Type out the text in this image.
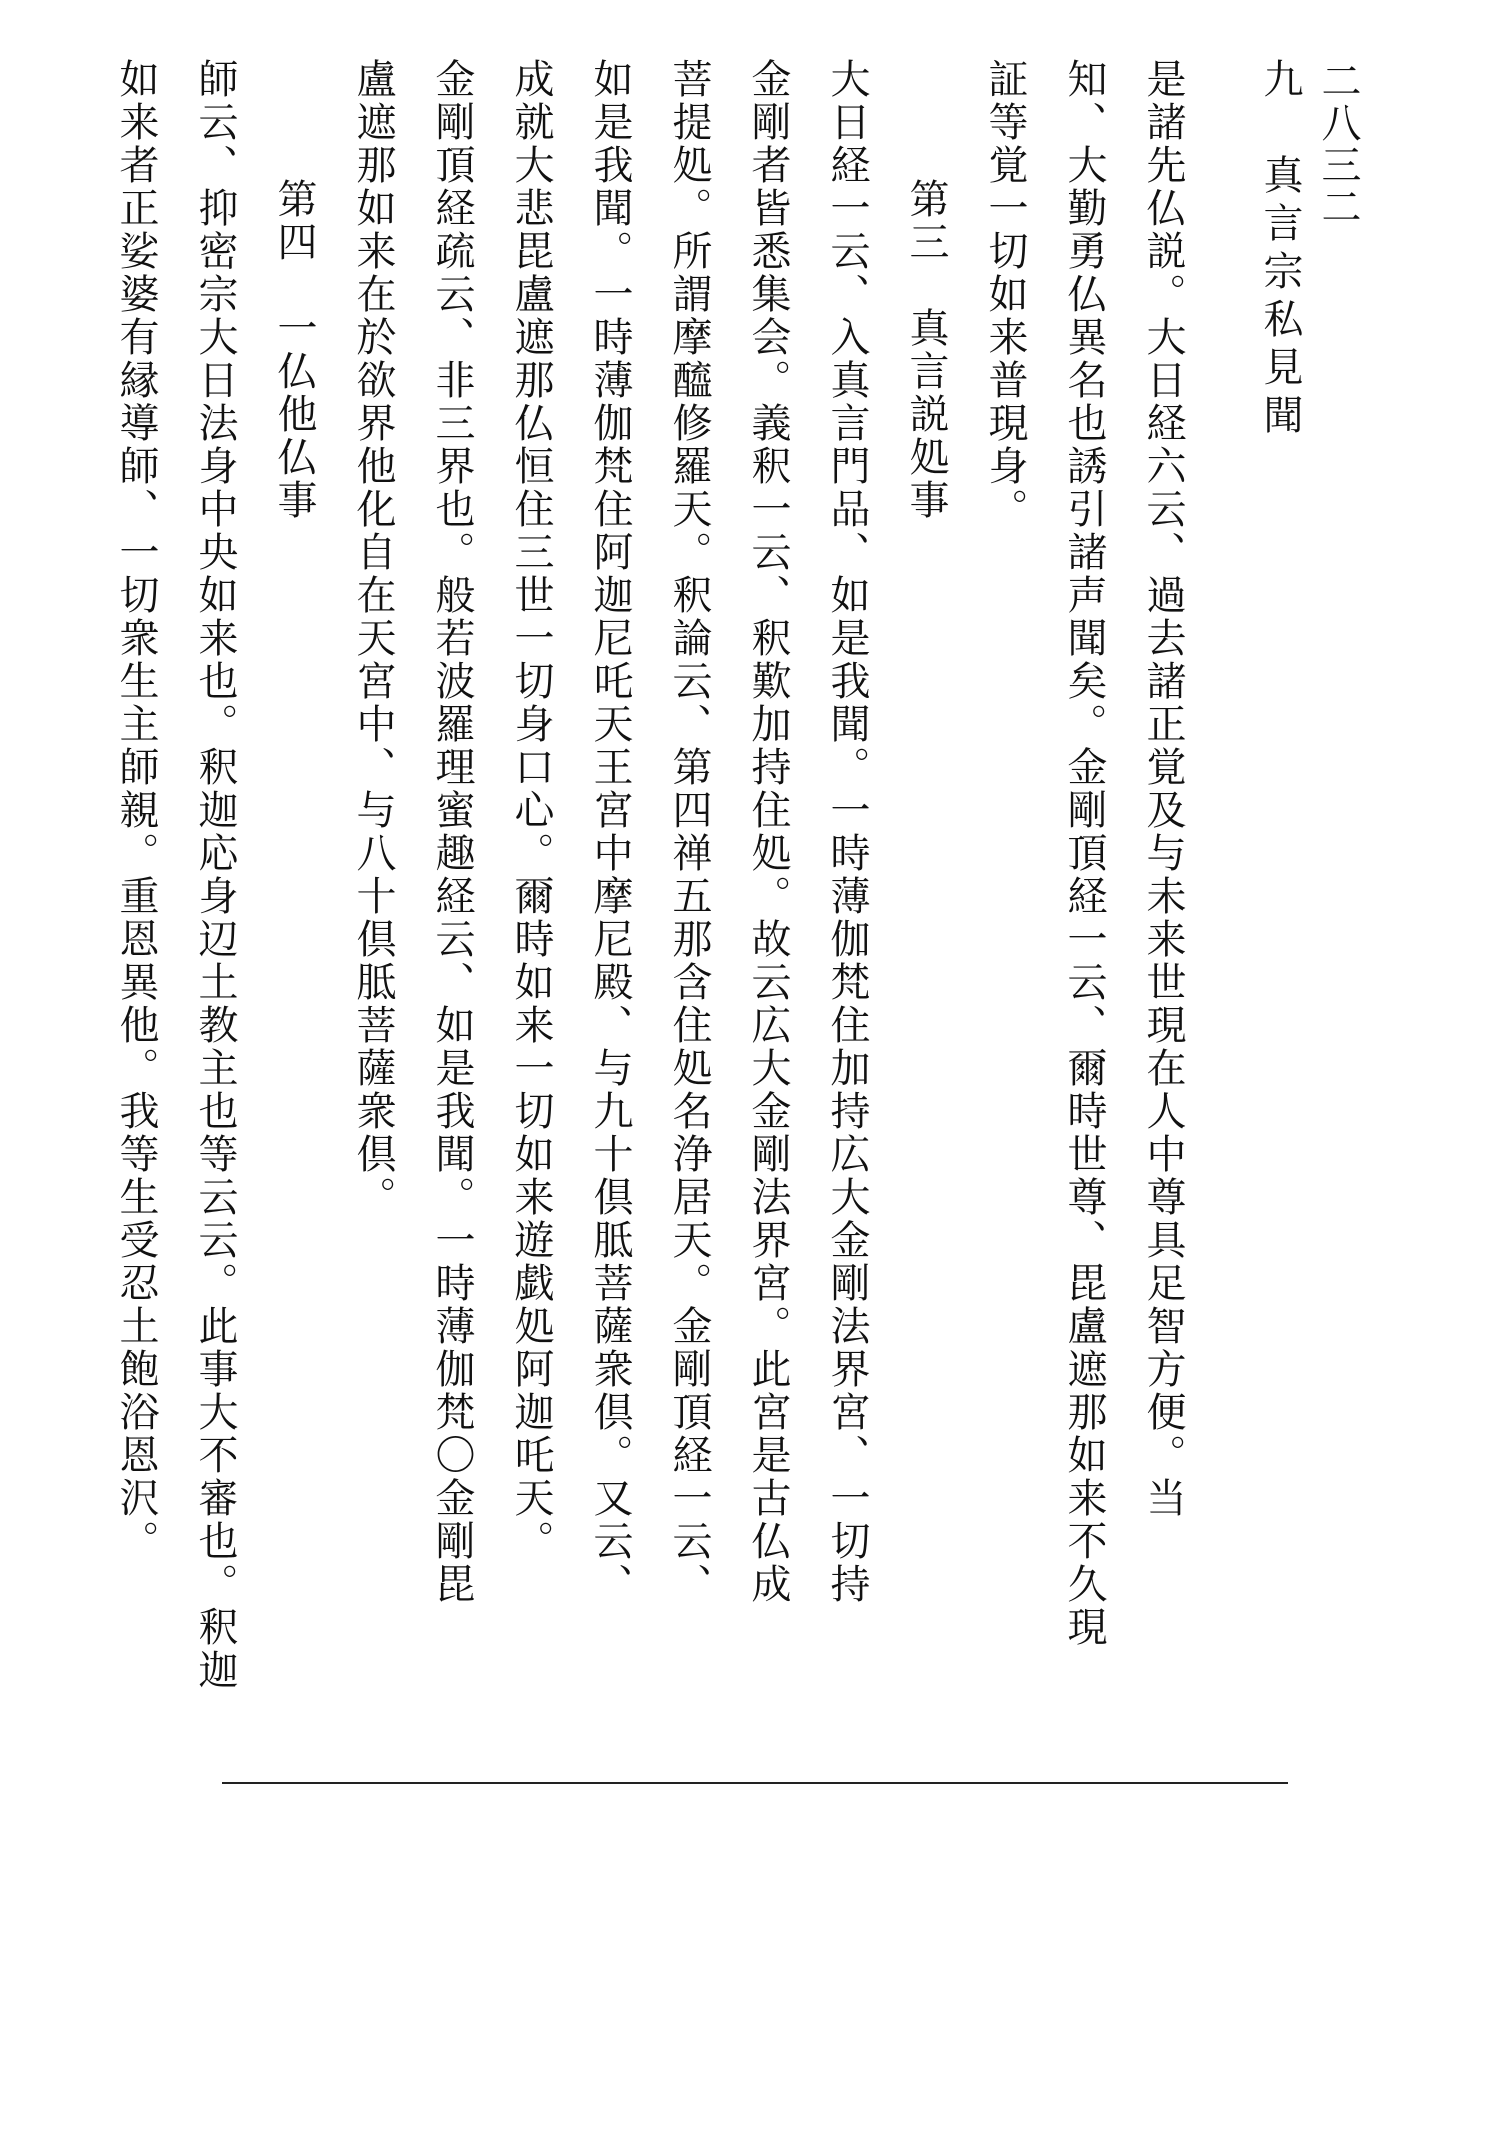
二八三二
九　真言宗私見聞
是諸先仏説。大日経六云、過去諸正覚及与未来世現在人中尊具足智方便。当
知、大勤勇仏異名也誘引諸声聞矣。金剛頂経一云、爾時世尊、毘盧遮那如来不久現
証等覚一切如来普現身。
第三　真言説処事
大日経一云、入真言門品、如是我聞。一時薄伽梵住加持広大金剛法界宮、一切持
金剛者皆悉集会。義釈一云、釈歎加持住処。故云広大金剛法界宮。此宮是古仏成
菩提処。所謂摩醯修羅天。釈論云、第四禅五那含住処名浄居天。金剛頂経一云、
如是我聞。一時薄伽梵住阿迦尼吒天王宮中摩尼殿、与九十倶胝菩薩衆倶。又云、
成就大悲毘盧遮那仏恒住三世一切身口心。爾時如来一切如来遊戯処阿迦吒天。
金剛頂経疏云、非三界也。般若波羅理蜜趣経云、如是我聞。一時薄伽梵〇金剛毘
盧遮那如来在於欲界他化自在天宮中、与八十倶胝菩薩衆倶。
第四　一仏他仏事
師云、抑密宗大日法身中央如来也。釈迦応身辺土教主也等云云。此事大不審也。釈迦
如来者正娑婆有縁導師、一切衆生主師親。重恩異他。我等生受忍土飽浴恩沢。
